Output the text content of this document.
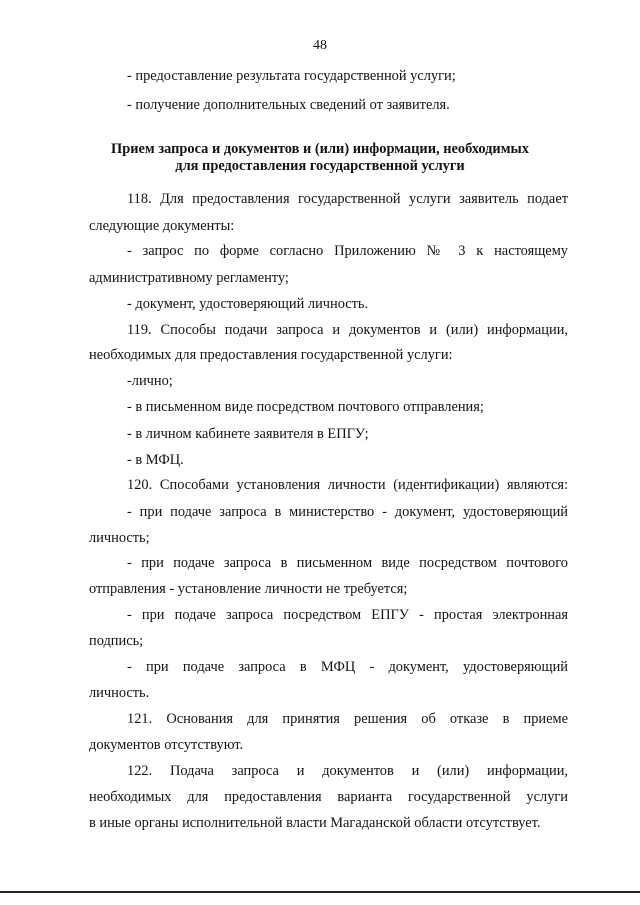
48
- предоставление результата государственной услуги;
- получение дополнительных сведений от заявителя.
Прием запроса и документов и (или) информации, необходимых
для предоставления государственной услуги
118. Для предоставления государственной услуги заявитель подает
следующие документы:
- запрос по форме согласно Приложению № 3 к настоящему
административному регламенту;
- документ, удостоверяющий личность.
119. Способы подачи запроса и документов и (или) информации,
необходимых для предоставления государственной услуги:
-лично;
- в письменном виде посредством почтового отправления;
- в личном кабинете заявителя в ЕПГУ;
- в МФЦ.
120. Способами установления личности (идентификации) являются:
- при подаче запроса в министерство - документ, удостоверяющий
личность;
- при подаче запроса в письменном виде посредством почтового
отправления - установление личности не требуется;
- при подаче запроса посредством ЕПГУ - простая электронная
подпись;
- при подаче запроса в МФЦ - документ, удостоверяющий
личность.
121. Основания для принятия решения об отказе в приеме
документов отсутствуют.
122. Подача запроса и документов и (или) информации,
необходимых для предоставления варианта государственной услуги
в иные органы исполнительной власти Магаданской области отсутствует.
